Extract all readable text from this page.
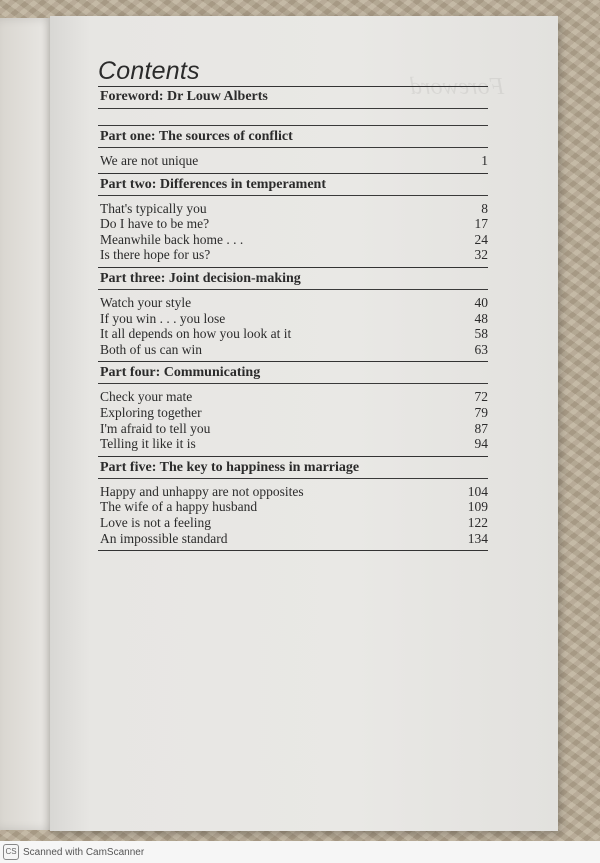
Foreword
Contents
Foreword: Dr Louw Alberts
Part one: The sources of conflict
We are not unique	1
Part two: Differences in temperament
That's typically you	8
Do I have to be me?	17
Meanwhile back home . . .	24
Is there hope for us?	32
Part three: Joint decision-making
Watch your style	40
If you win . . . you lose	48
It all depends on how you look at it	58
Both of us can win	63
Part four: Communicating
Check your mate	72
Exploring together	79
I'm afraid to tell you	87
Telling it like it is	94
Part five: The key to happiness in marriage
Happy and unhappy are not opposites	104
The wife of a happy husband	109
Love is not a feeling	122
An impossible standard	134
CS Scanned with CamScanner
